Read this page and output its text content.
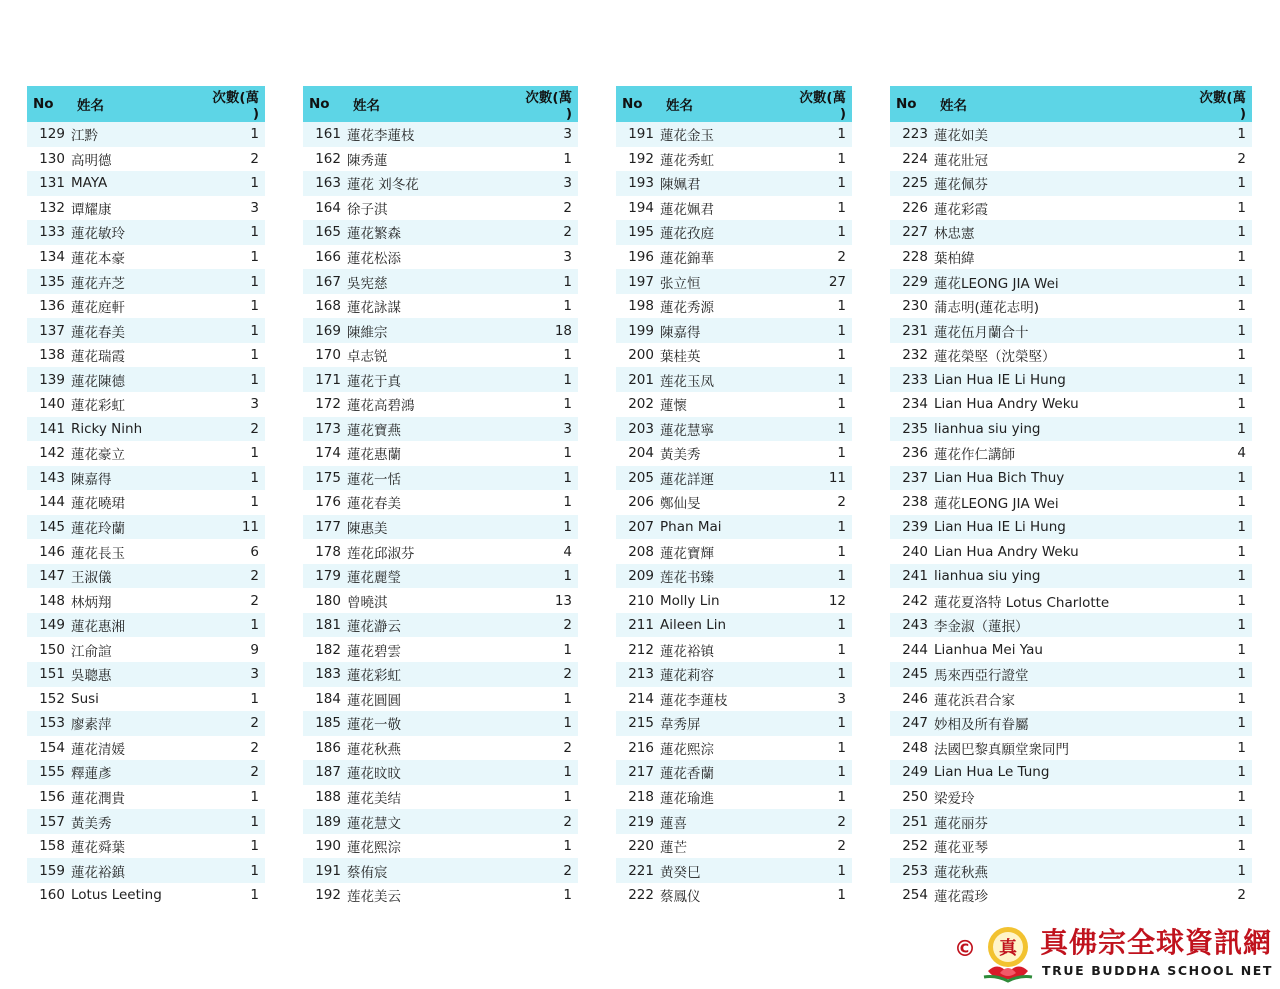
No	姓名	次數(萬 )
129	江黔	1
130	高明德	2
131	MAYA	1
132	谭耀康	3
133	蓮花敏玲	1
134	蓮花本豪	1
135	蓮花卉芝	1
136	蓮花庭軒	1
137	蓮花春美	1
138	蓮花瑞霞	1
139	蓮花陳德	1
140	蓮花彩虹	3
141	Ricky Ninh	2
142	蓮花豪立	1
143	陳嘉得	1
144	蓮花曉珺	1
145	蓮花玲蘭	11
146	蓮花長玉	6
147	王淑儀	2
148	林炳翔	2
149	蓮花惠湘	1
150	江俞諠	9
151	吳聰惠	3
152	Susi	1
153	廖素萍	2
154	蓮花清媛	2
155	釋蓮彥	2
156	蓮花潤貴	1
157	黃美秀	1
158	蓮花舜葉	1
159	蓮花裕鎮	1
160	Lotus Leeting	1
No	姓名	次數(萬 )
161	蓮花李蓮枝	3
162	陳秀蓮	1
163	蓮花 刘冬花	3
164	徐子淇	2
165	蓮花繁森	2
166	蓮花松添	3
167	吳宪慈	1
168	蓮花詠謀	1
169	陳維宗	18
170	卓志锐	1
171	蓮花于真	1
172	蓮花高碧鴻	1
173	蓮花寶燕	3
174	蓮花惠蘭	1
175	蓮花一恬	1
176	蓮花春美	1
177	陳惠美	1
178	莲花邱淑芬	4
179	蓮花麗瑩	1
180	曾曉淇	13
181	蓮花瀞云	2
182	蓮花碧雲	1
183	蓮花彩虹	2
184	蓮花圓圓	1
185	蓮花一敬	1
186	蓮花秋燕	2
187	蓮花旼旼	1
188	蓮花美结	1
189	蓮花慧文	2
190	蓮花熙淙	1
191	蔡侑宸	2
192	莲花美云	1
No	姓名	次數(萬 )
191	蓮花金玉	1
192	蓮花秀虹	1
193	陳姵君	1
194	蓮花姵君	1
195	蓮花孜庭	1
196	蓮花錦華	2
197	张立恒	27
198	蓮花秀源	1
199	陳嘉得	1
200	葉桂英	1
201	莲花玉凤	1
202	蓮懷	1
203	蓮花慧寧	1
204	黃美秀	1
205	蓮花詳運	11
206	鄭仙旻	2
207	Phan Mai	1
208	蓮花寶輝	1
209	莲花书臻	1
210	Molly Lin	12
211	Aileen Lin	1
212	蓮花裕镇	1
213	蓮花莉容	1
214	蓮花李蓮枝	3
215	韋秀屏	1
216	蓮花熙淙	1
217	蓮花香蘭	1
218	蓮花瑜進	1
219	蓮喜	2
220	蓮芒	2
221	黄癸巳	1
222	蔡鳳仪	1
No	姓名	次數(萬 )
223	蓮花如美	1
224	蓮花壯冠	2
225	蓮花佩芬	1
226	蓮花彩霞	1
227	林忠憲	1
228	葉柏緯	1
229	蓮花LEONG JIA Wei	1
230	蒲志明(蓮花志明)	1
231	蓮花伍月蘭合十	1
232	蓮花榮堅（沈榮堅）	1
233	Lian Hua IE Li Hung	1
234	Lian Hua Andry Weku	1
235	lianhua siu ying	1
236	蓮花作仁講師	4
237	Lian Hua Bich Thuy	1
238	蓮花LEONG JIA Wei	1
239	Lian Hua IE Li Hung	1
240	Lian Hua Andry Weku	1
241	lianhua siu ying	1
242	蓮花夏洛特 Lotus Charlotte	1
243	李金淑（蓮抿）	1
244	Lianhua Mei Yau	1
245	馬來西亞行證堂	1
246	蓮花浜君合家	1
247	妙相及所有眷屬	1
248	法國巴黎真願堂衆同門	1
249	Lian Hua Le Tung	1
250	梁爱玲	1
251	蓮花丽芬	1
252	蓮花亚琴	1
253	蓮花秋燕	1
254	蓮花霞珍	2
© 真 真佛宗全球資訊網
TRUE BUDDHA SCHOOL NET
